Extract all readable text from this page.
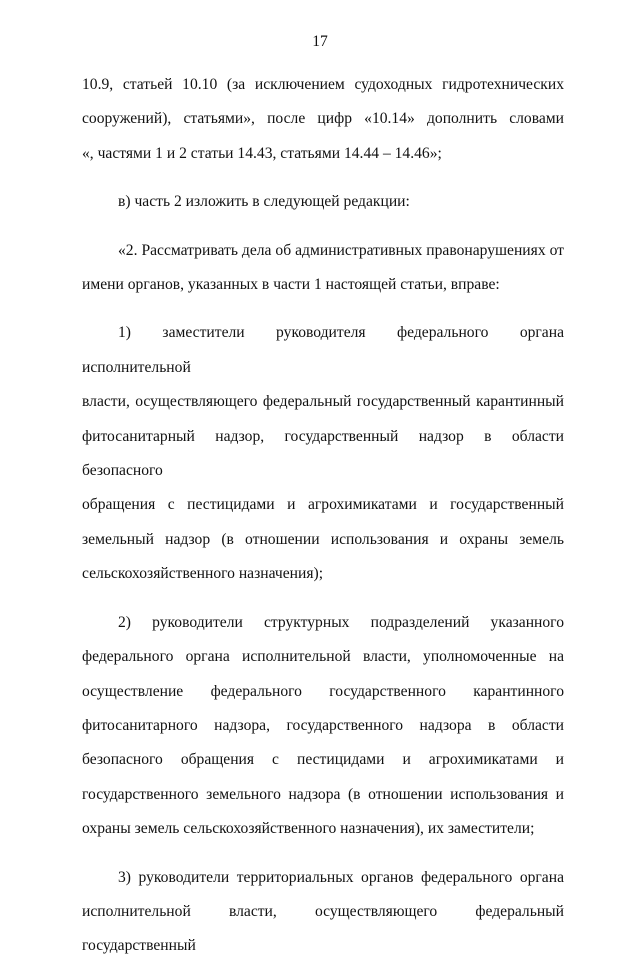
17

10.9, статьей 10.10 (за исключением судоходных гидротехнических

сооружений), статьями», после цифр «10.14» дополнить словами

«, частями 1 и 2 статьи 14.43, статьями 14.44 – 14.46»;

в) часть 2 изложить в следующей редакции:

«2. Рассматривать дела об административных правонарушениях от

имени органов, указанных в части 1 настоящей статьи, вправе:

1) заместители руководителя федерального органа исполнительной

власти, осуществляющего федеральный государственный карантинный

фитосанитарный надзор, государственный надзор в области безопасного

обращения с пестицидами и агрохимикатами и государственный

земельный надзор (в отношении использования и охраны земель

сельскохозяйственного назначения);

2) руководители структурных подразделений указанного

федерального органа исполнительной власти, уполномоченные на

осуществление федерального государственного карантинного

фитосанитарного надзора, государственного надзора в области

безопасного обращения с пестицидами и агрохимикатами и

государственного земельного надзора (в отношении использования и

охраны земель сельскохозяйственного назначения), их заместители;

3) руководители территориальных органов федерального органа

исполнительной власти, осуществляющего федеральный государственный
